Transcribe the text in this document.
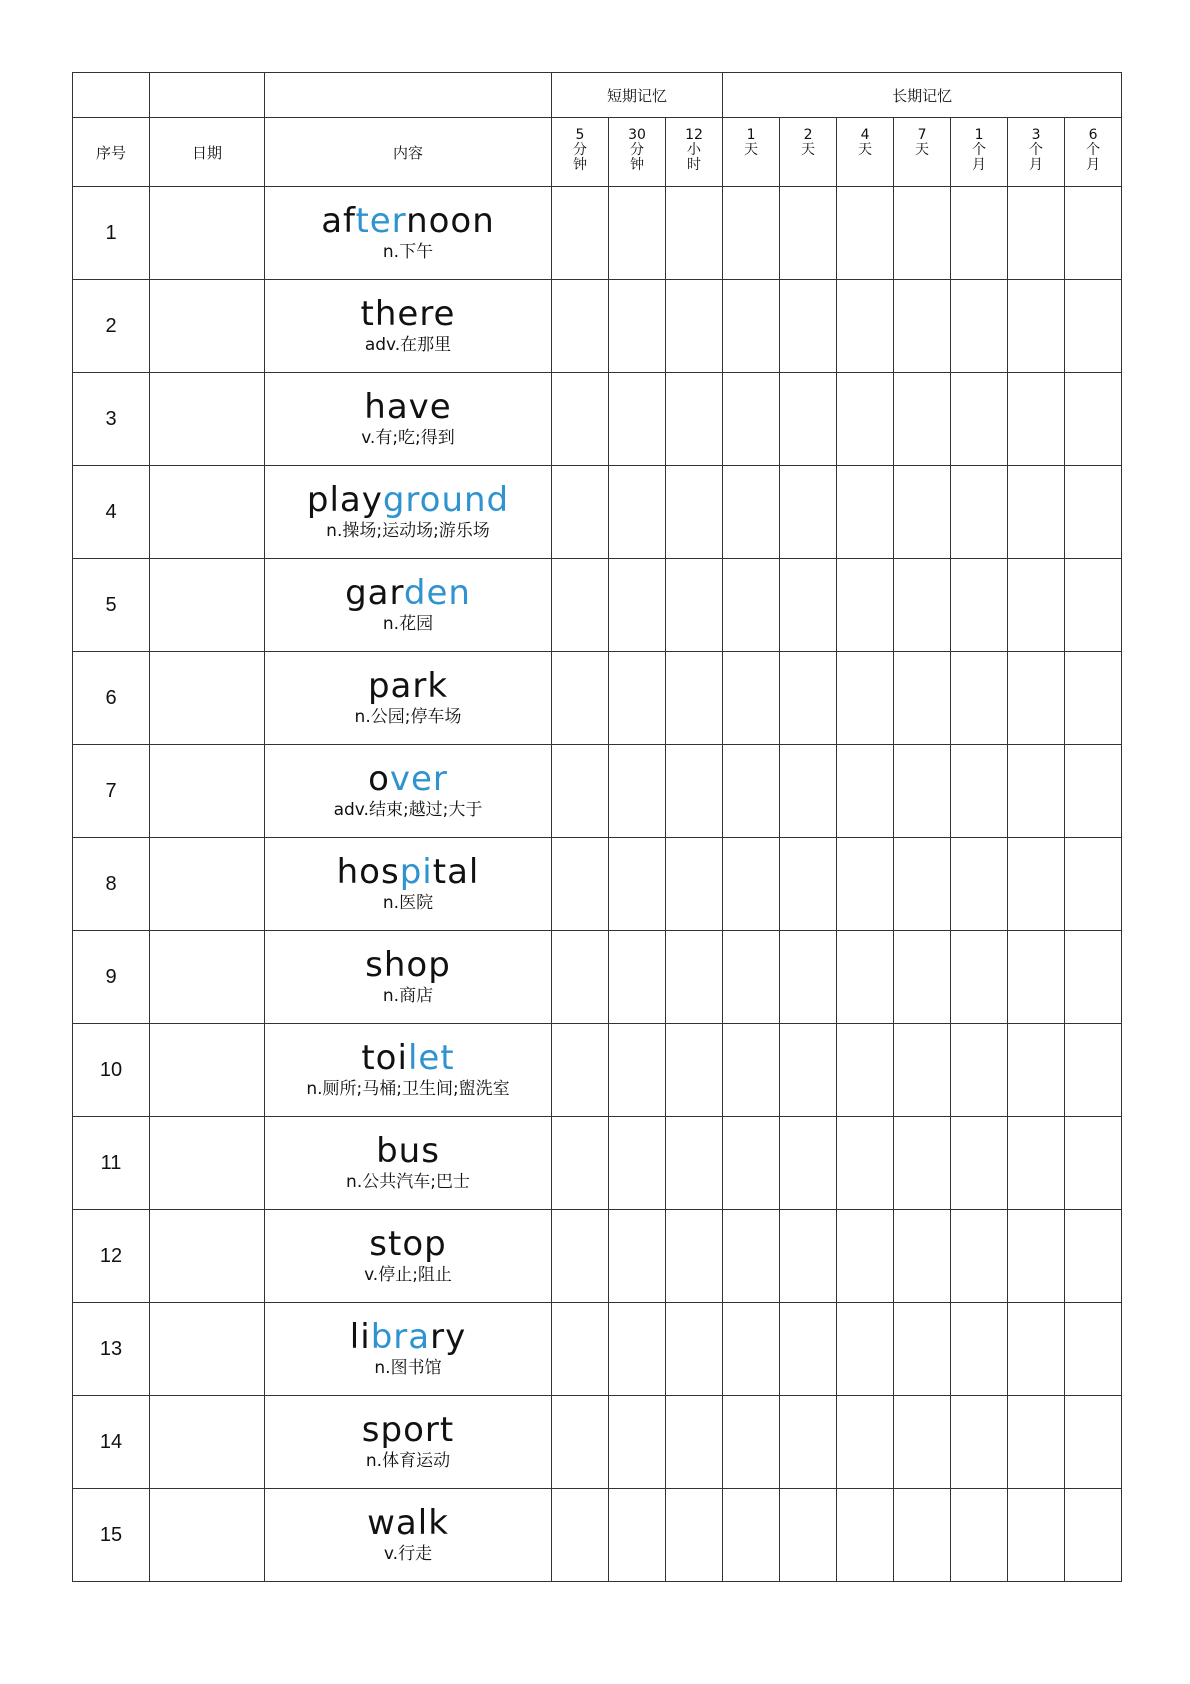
			短期记忆			长期记忆						
序号	日期	内容	5
分
钟	30
分
钟	12
小
时	1
天	2
天	4
天	7
天	1
个
月	3
个
月	6
个
月
1		afternoon
n.下午										

2		there
adv.在那里										

3		have
v.有;吃;得到										

4		playground
n.操场;运动场;游乐场										

5		garden
n.花园										

6		park
n.公园;停车场										

7		over
adv.结束;越过;大于										

8		hospital
n.医院										

9		shop
n.商店										

10		toilet
n.厕所;马桶;卫生间;盥洗室										

11		bus
n.公共汽车;巴士										

12		stop
v.停止;阻止										

13		library
n.图书馆										

14		sport
n.体育运动										

15		walk
v.行走										
